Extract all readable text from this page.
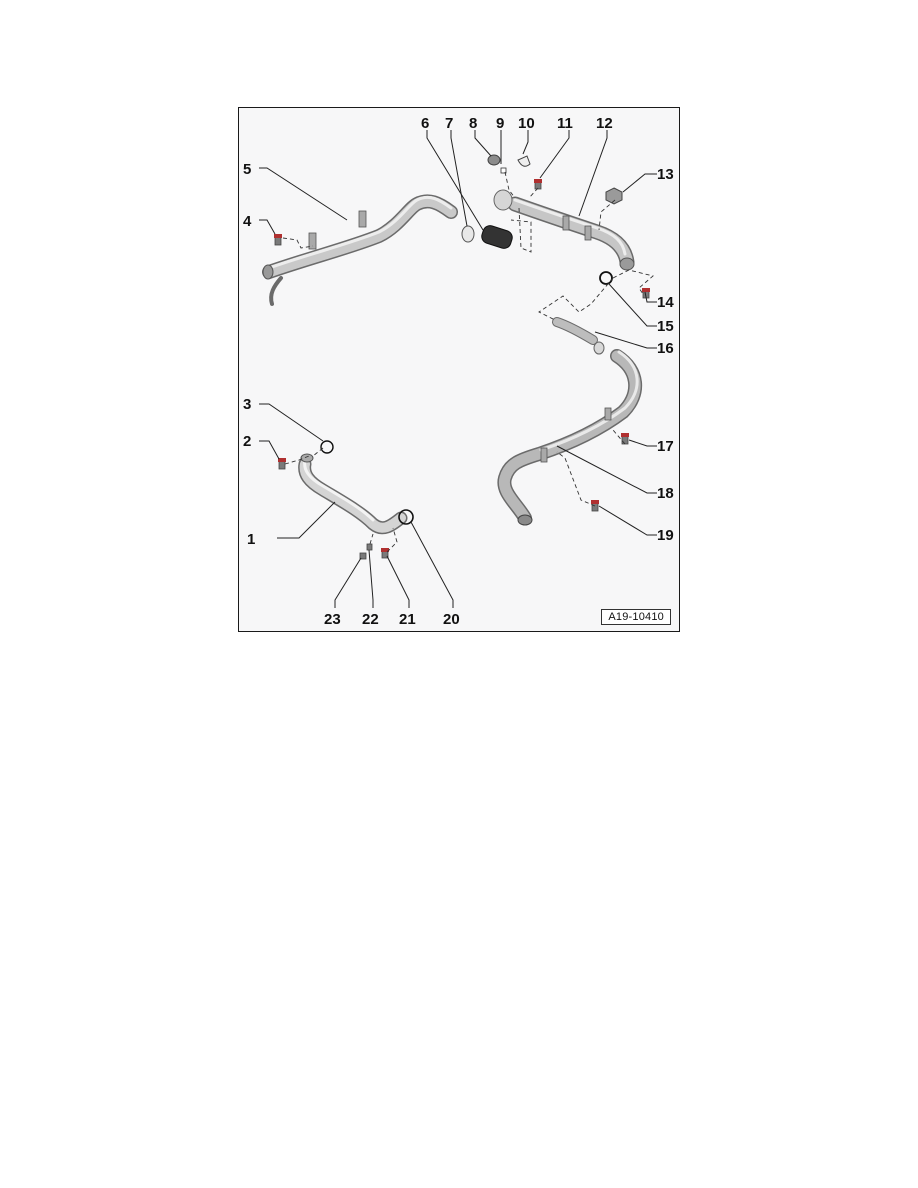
1
2
3
4
5
6 7 8 9 10 11 12
13
14
15
16
17
18
19
20
21
22
23	A19-10410
